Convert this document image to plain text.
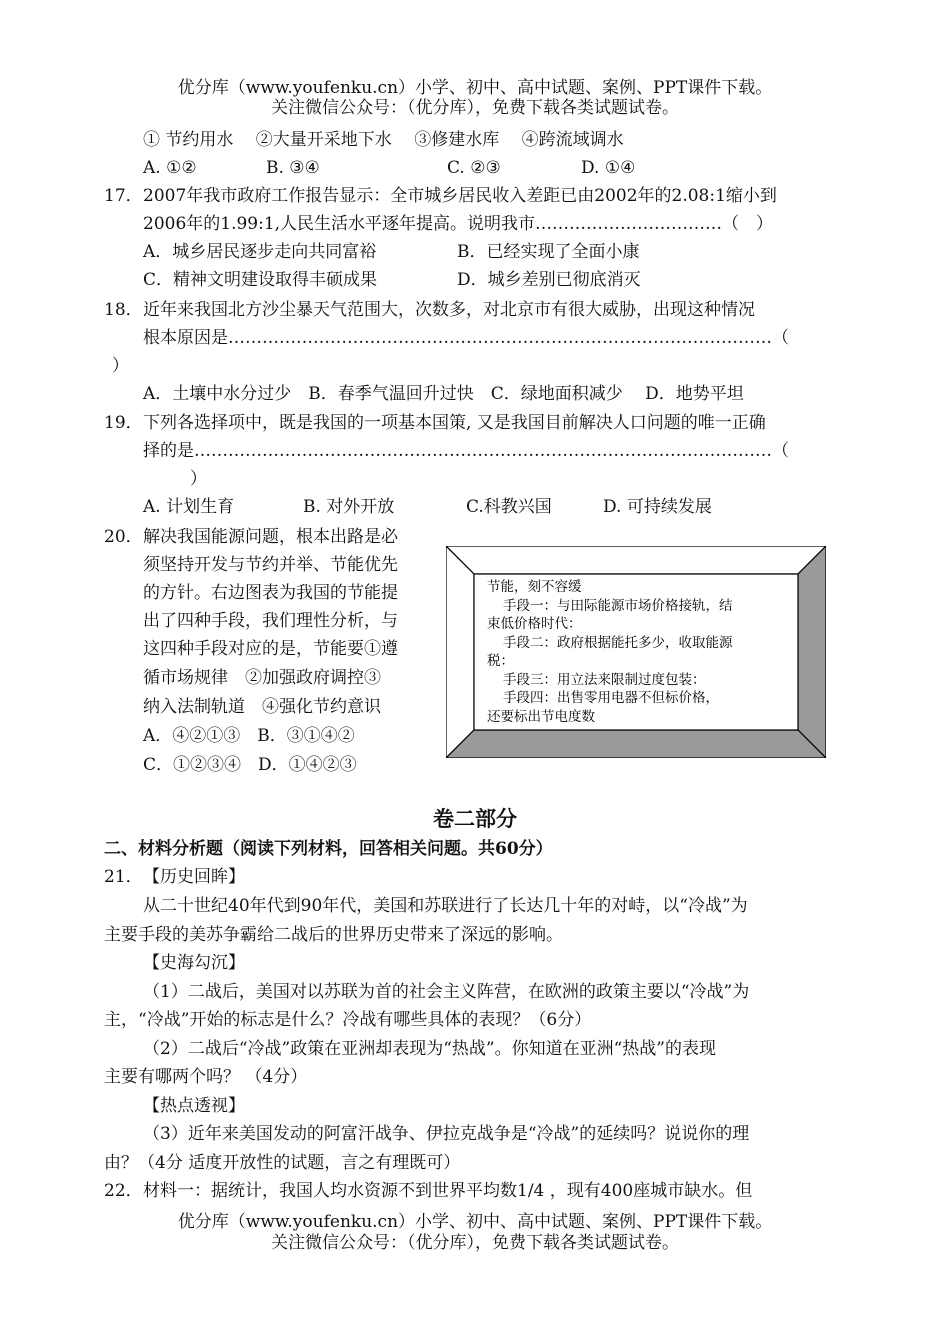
优分库（www.youfenku.cn）小学、初中、高中试题、案例、PPT课件下载。
关注微信公众号：（优分库），免费下载各类试题试卷。
① 节约用水　 ②大量开采地下水　 ③修建水库　 ④跨流域调水
A. ①②	B. ③④	C. ②③	D. ①④
17． 2007年我市政府工作报告显示：全市城乡居民收入差距已由2002年的2.08:1缩小到
2006年的1.99:1,人民生活水平逐年提高。说明我市……………………………（　）
A．城乡居民逐步走向共同富裕	B．已经实现了全面小康
C．精神文明建设取得丰硕成果	D．城乡差别已彻底消灭
18． 近年来我国北方沙尘暴天气范围大，次数多，对北京市有很大威胁，出现这种情况
根本原因是……………………………………………………………………………………（
）
A．土壤中水分过少　B．春季气温回升过快　C．绿地面积减少　 D．地势平坦
19． 下列各选择项中，既是我国的一项基本国策, 又是我国目前解决人口问题的唯一正确
择的是…………………………………………………………………………………………（
）
A. 计划生育	B. 对外开放	C.科教兴国	D. 可持续发展
20． 解决我国能源问题，根本出路是必
须坚持开发与节约并举、节能优先
的方针。右边图表为我国的节能提
出了四种手段，我们理性分析，与
这四种手段对应的是，节能要①遵
循市场规律　②加强政府调控③
纳入法制轨道　④强化节约意识
A．④②①③　B．③①④②
C．①②③④　D．①④②③
节能，刻不容缓
手段一：与田际能源市场价格接轨，结
束低价格时代：
手段二：政府根据能托多少，收取能源
税：
手段三：用立法来限制过度包装：
手段四：出售零用电器不但标价格，
还要标出节电度数
卷二部分
二、材料分析题（阅读下列材料，回答相关问题。共60分）
21． 【历史回眸】
从二十世纪40年代到90年代，美国和苏联进行了长达几十年的对峙，以“冷战”为
主要手段的美苏争霸给二战后的世界历史带来了深远的影响。
【史海勾沉】
（1）二战后，美国对以苏联为首的社会主义阵营，在欧洲的政策主要以“冷战”为
主，“冷战”开始的标志是什么？冷战有哪些具体的表现？（6分）
（2）二战后“冷战”政策在亚洲却表现为“热战”。你知道在亚洲“热战”的表现
主要有哪两个吗？ （4分）
【热点透视】
（3）近年来美国发动的阿富汗战争、伊拉克战争是“冷战”的延续吗？说说你的理
由？（4分 适度开放性的试题，言之有理既可）
22． 材料一：据统计，我国人均水资源不到世界平均数1/4 ，现有400座城市缺水。但
优分库（www.youfenku.cn）小学、初中、高中试题、案例、PPT课件下载。
关注微信公众号：（优分库），免费下载各类试题试卷。
